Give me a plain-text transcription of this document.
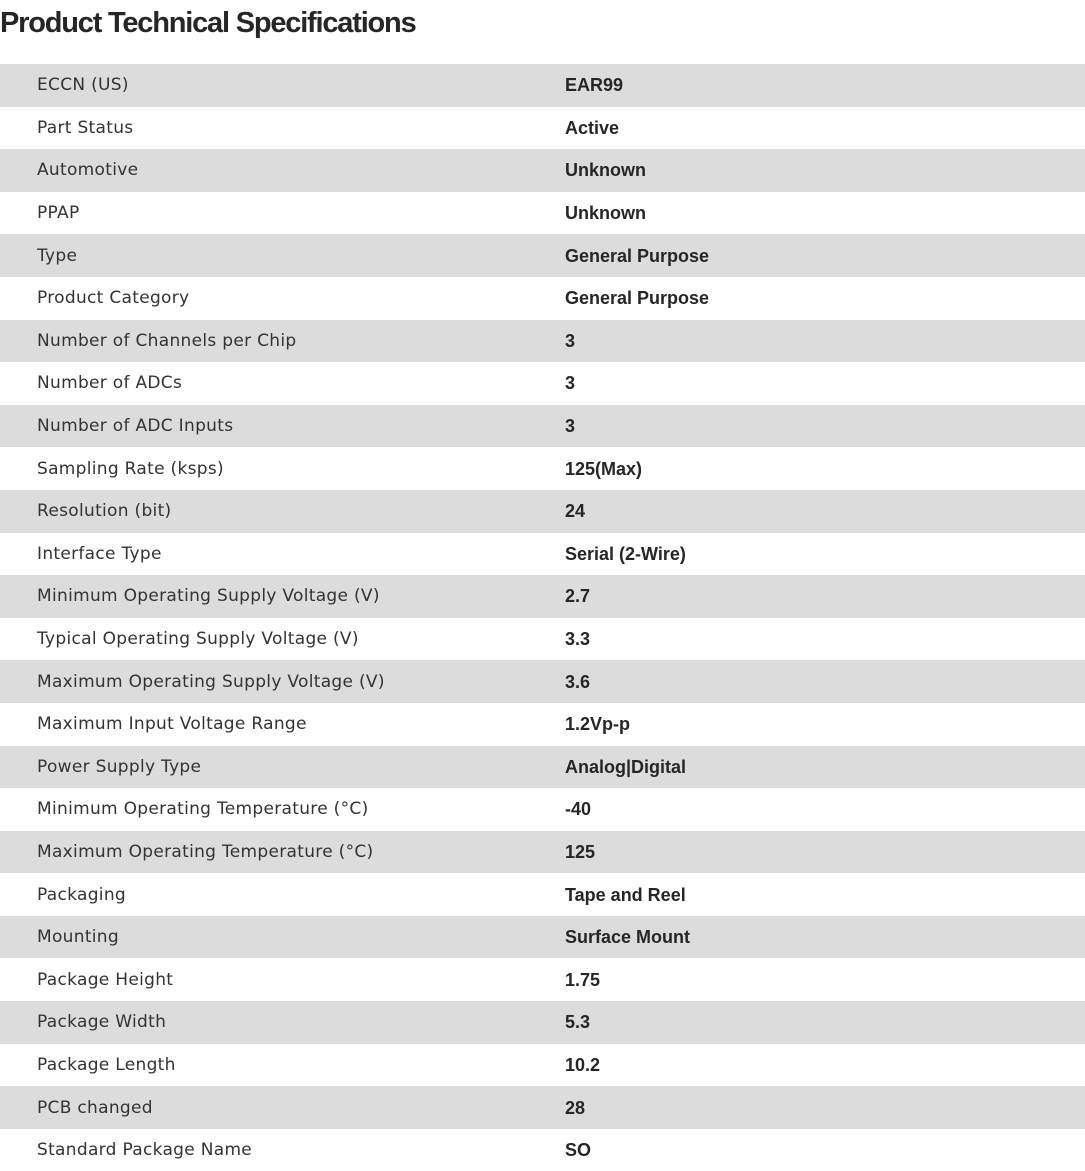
Product Technical Specifications
ECCN (US)	EAR99
Part Status	Active
Automotive	Unknown
PPAP	Unknown
Type	General Purpose
Product Category	General Purpose
Number of Channels per Chip	3
Number of ADCs	3
Number of ADC Inputs	3
Sampling Rate (ksps)	125(Max)
Resolution (bit)	24
Interface Type	Serial (2-Wire)
Minimum Operating Supply Voltage (V)	2.7
Typical Operating Supply Voltage (V)	3.3
Maximum Operating Supply Voltage (V)	3.6
Maximum Input Voltage Range	1.2Vp-p
Power Supply Type	Analog|Digital
Minimum Operating Temperature (°C)	-40
Maximum Operating Temperature (°C)	125
Packaging	Tape and Reel
Mounting	Surface Mount
Package Height	1.75
Package Width	5.3
Package Length	10.2
PCB changed	28
Standard Package Name	SO
